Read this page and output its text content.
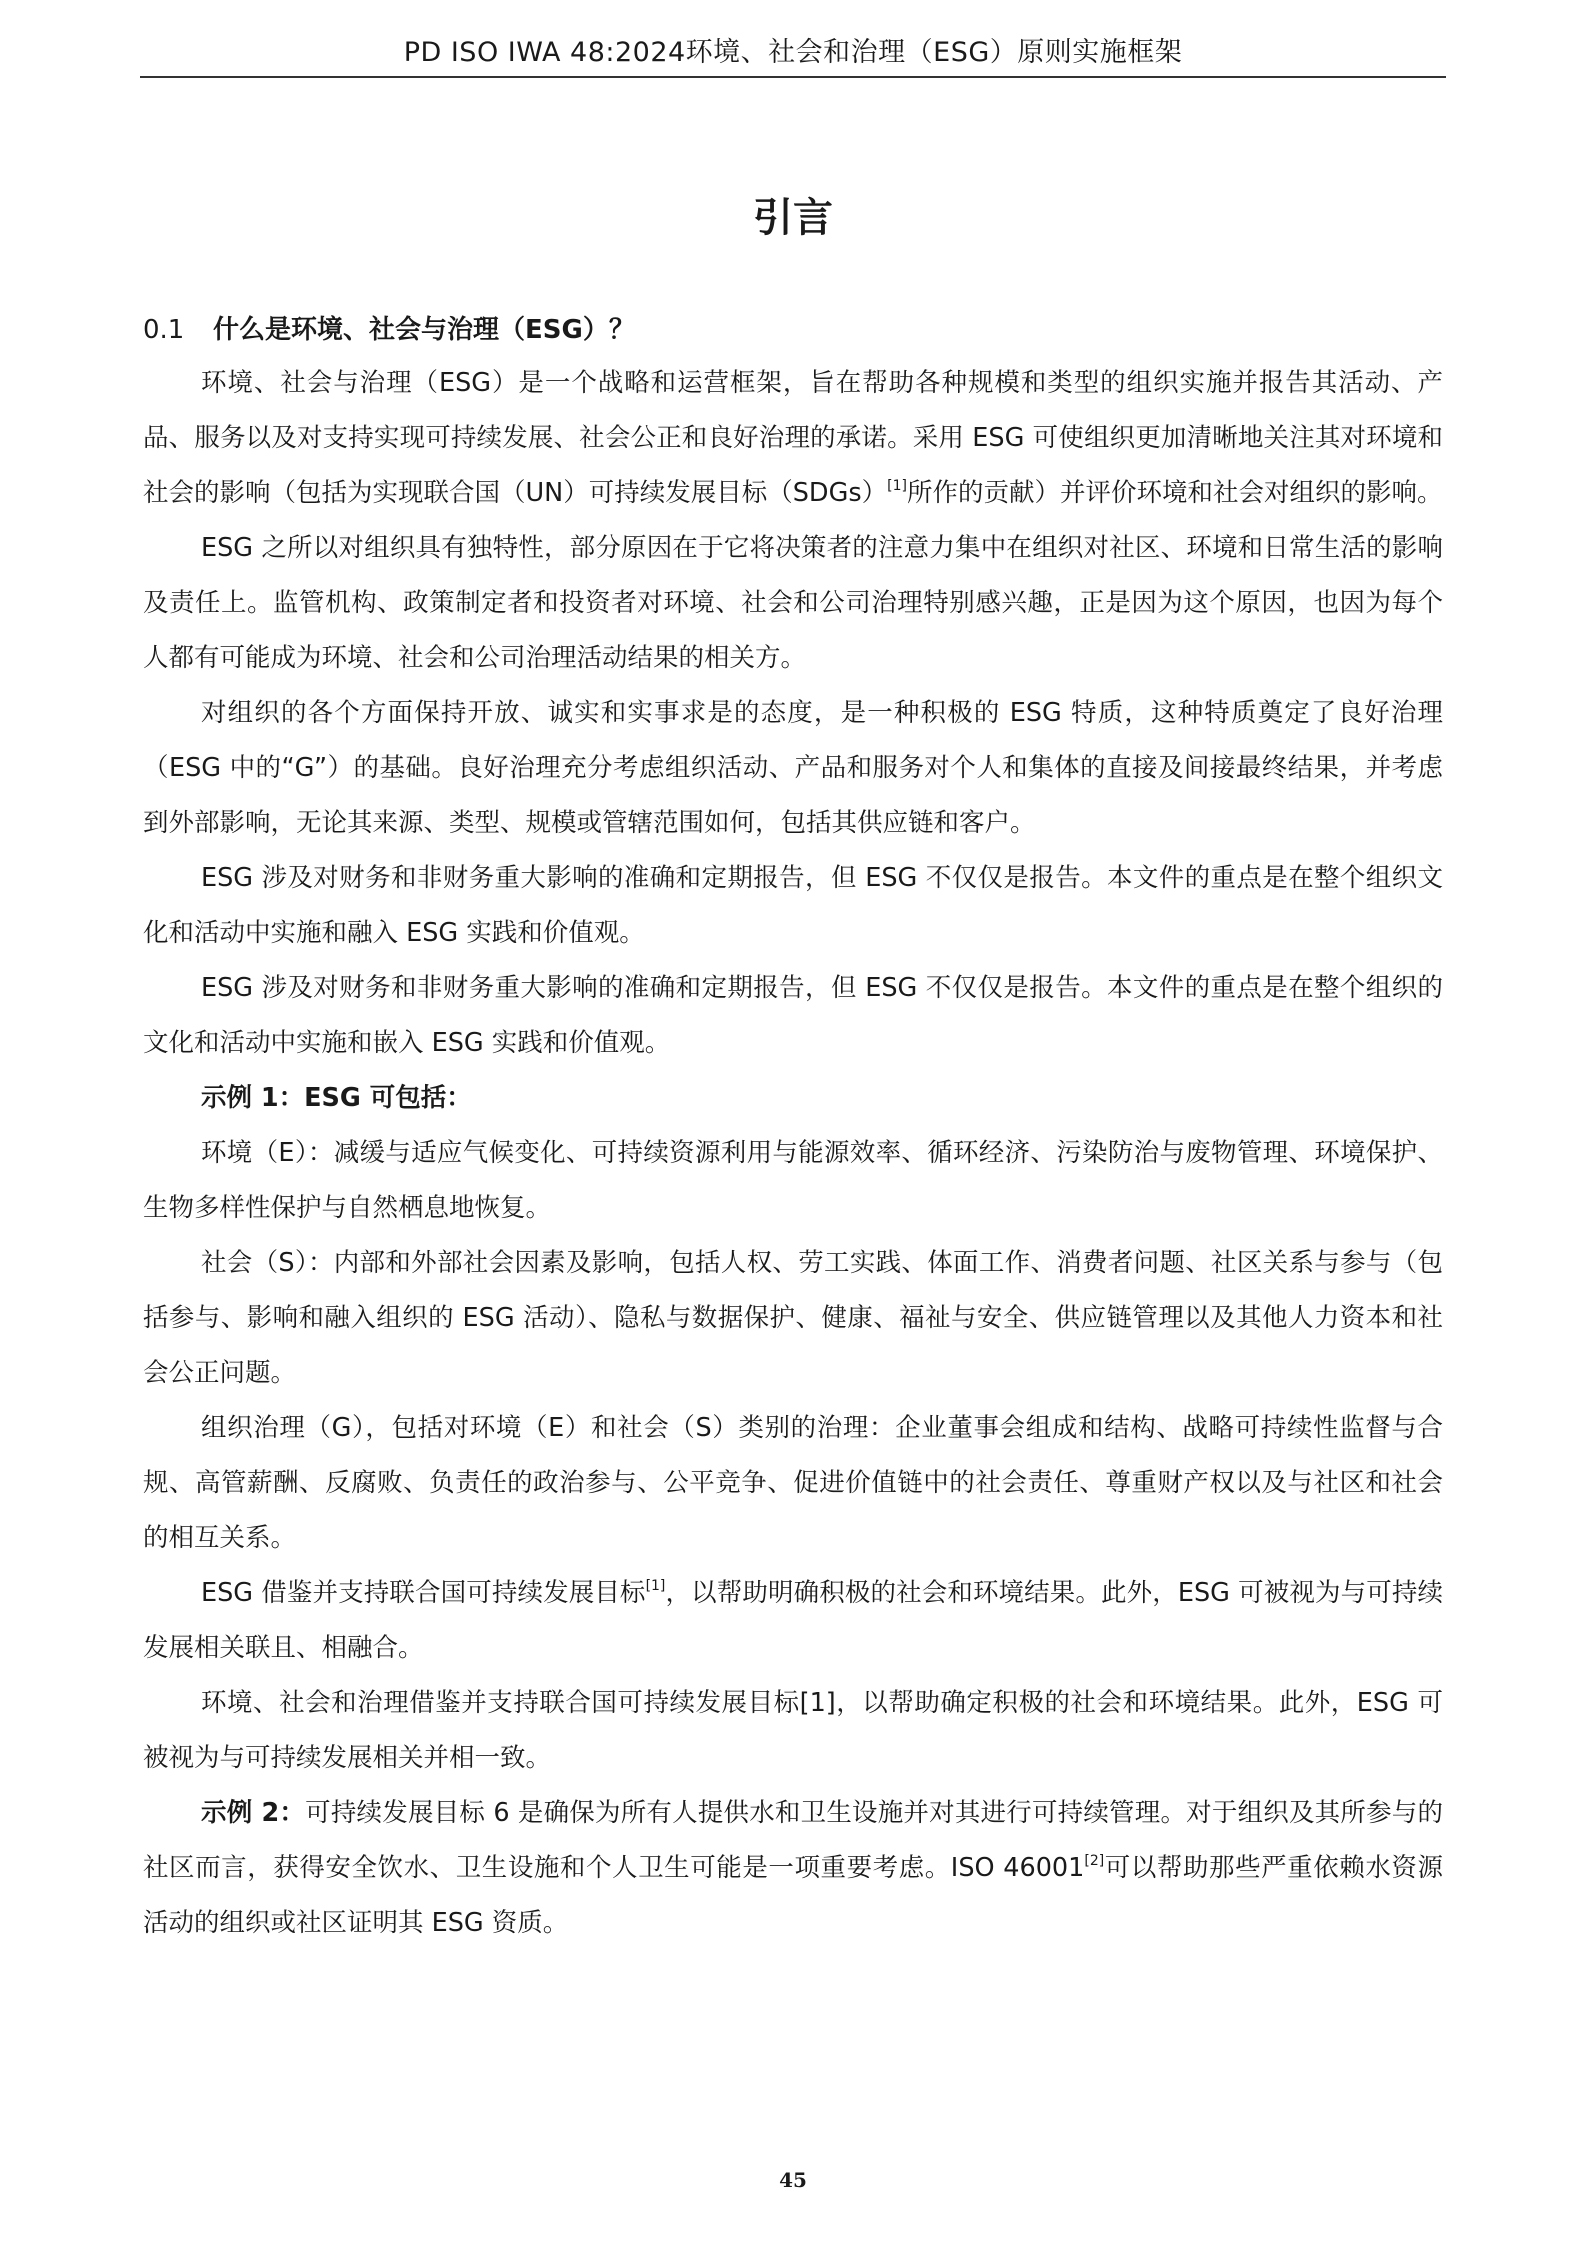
PD ISO IWA 48:2024环境、社会和治理（ESG）原则实施框架
引言

0.1 什么是环境、社会与治理（ESG）？

环境、社会与治理（ESG）是一个战略和运营框架，旨在帮助各种规模和类型的组织实施并报告其活动、产品、服务以及对支持实现可持续发展、社会公正和良好治理的承诺。采用 ESG 可使组织更加清晰地关注其对环境和社会的影响（包括为实现联合国（UN）可持续发展目标（SDGs）[1]所作的贡献）并评价环境和社会对组织的影响。

ESG 之所以对组织具有独特性，部分原因在于它将决策者的注意力集中在组织对社区、环境和日常生活的影响及责任上。监管机构、政策制定者和投资者对环境、社会和公司治理特别感兴趣，正是因为这个原因，也因为每个人都有可能成为环境、社会和公司治理活动结果的相关方。

对组织的各个方面保持开放、诚实和实事求是的态度，是一种积极的 ESG 特质，这种特质奠定了良好治理（ESG 中的“G”）的基础。良好治理充分考虑组织活动、产品和服务对个人和集体的直接及间接最终结果，并考虑到外部影响，无论其来源、类型、规模或管辖范围如何，包括其供应链和客户。

ESG 涉及对财务和非财务重大影响的准确和定期报告，但 ESG 不仅仅是报告。本文件的重点是在整个组织文化和活动中实施和融入 ESG 实践和价值观。

ESG 涉及对财务和非财务重大影响的准确和定期报告，但 ESG 不仅仅是报告。本文件的重点是在整个组织的文化和活动中实施和嵌入 ESG 实践和价值观。

示例 1：ESG 可包括：

环境（E）：减缓与适应气候变化、可持续资源利用与能源效率、循环经济、污染防治与废物管理、环境保护、生物多样性保护与自然栖息地恢复。

社会（S）：内部和外部社会因素及影响，包括人权、劳工实践、体面工作、消费者问题、社区关系与参与（包括参与、影响和融入组织的 ESG 活动）、隐私与数据保护、健康、福祉与安全、供应链管理以及其他人力资本和社会公正问题。

组织治理（G），包括对环境（E）和社会（S）类别的治理：企业董事会组成和结构、战略可持续性监督与合规、高管薪酬、反腐败、负责任的政治参与、公平竞争、促进价值链中的社会责任、尊重财产权以及与社区和社会的相互关系。

ESG 借鉴并支持联合国可持续发展目标[1]，以帮助明确积极的社会和环境结果。此外，ESG 可被视为与可持续发展相关联且、相融合。

环境、社会和治理借鉴并支持联合国可持续发展目标[1]，以帮助确定积极的社会和环境结果。此外，ESG 可被视为与可持续发展相关并相一致。

示例 2：可持续发展目标 6 是确保为所有人提供水和卫生设施并对其进行可持续管理。对于组织及其所参与的社区而言，获得安全饮水、卫生设施和个人卫生可能是一项重要考虑。ISO 46001[2]可以帮助那些严重依赖水资源活动的组织或社区证明其 ESG 资质。

45
